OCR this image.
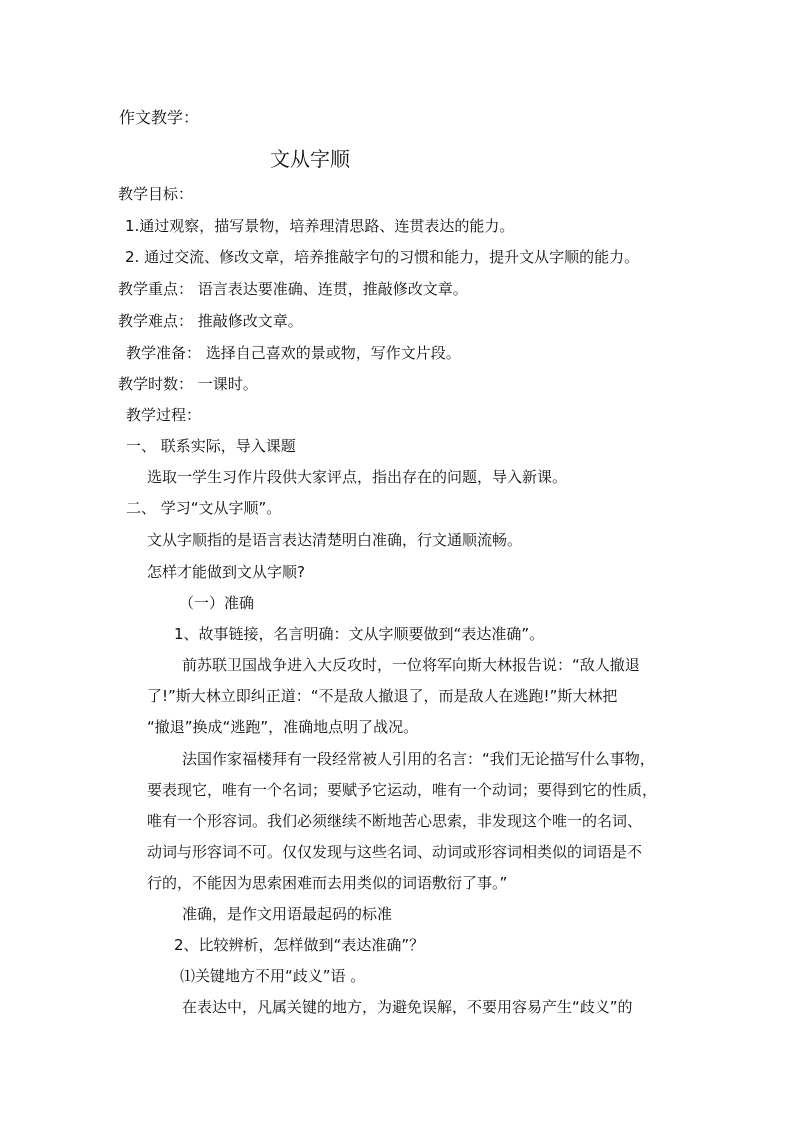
作文教学：
文从字顺
教学目标：
1.通过观察，描写景物，培养理清思路、连贯表达的能力。
2. 通过交流、修改文章，培养推敲字句的习惯和能力，提升文从字顺的能力。
教学重点： 语言表达要准确、连贯，推敲修改文章。
教学难点： 推敲修改文章。
教学准备： 选择自己喜欢的景或物，写作文片段。
教学时数： 一课时。
教学过程：
一、 联系实际，导入课题
选取一学生习作片段供大家评点，指出存在的问题，导入新课。
二、 学习“文从字顺”。
文从字顺指的是语言表达清楚明白准确，行文通顺流畅。
怎样才能做到文从字顺?
（一）准确
1、故事链接，名言明确：文从字顺要做到“表达准确”。
前苏联卫国战争进入大反攻时，一位将军向斯大林报告说：“敌人撤退
了!”斯大林立即纠正道：“不是敌人撤退了，而是敌人在逃跑!”斯大林把
“撤退”换成“逃跑”，准确地点明了战况。
法国作家福楼拜有一段经常被人引用的名言：“我们无论描写什么事物，
要表现它，唯有一个名词；要赋予它运动，唯有一个动词；要得到它的性质，
唯有一个形容词。我们必须继续不断地苦心思索，非发现这个唯一的名词、
动词与形容词不可。仅仅发现与这些名词、动词或形容词相类似的词语是不
行的，不能因为思索困难而去用类似的词语敷衍了事。”
准确，是作文用语最起码的标准
2、比较辨析，怎样做到“表达准确”？
⑴关键地方不用“歧义”语 。
在表达中，凡属关键的地方，为避免误解，不要用容易产生“歧义”的
